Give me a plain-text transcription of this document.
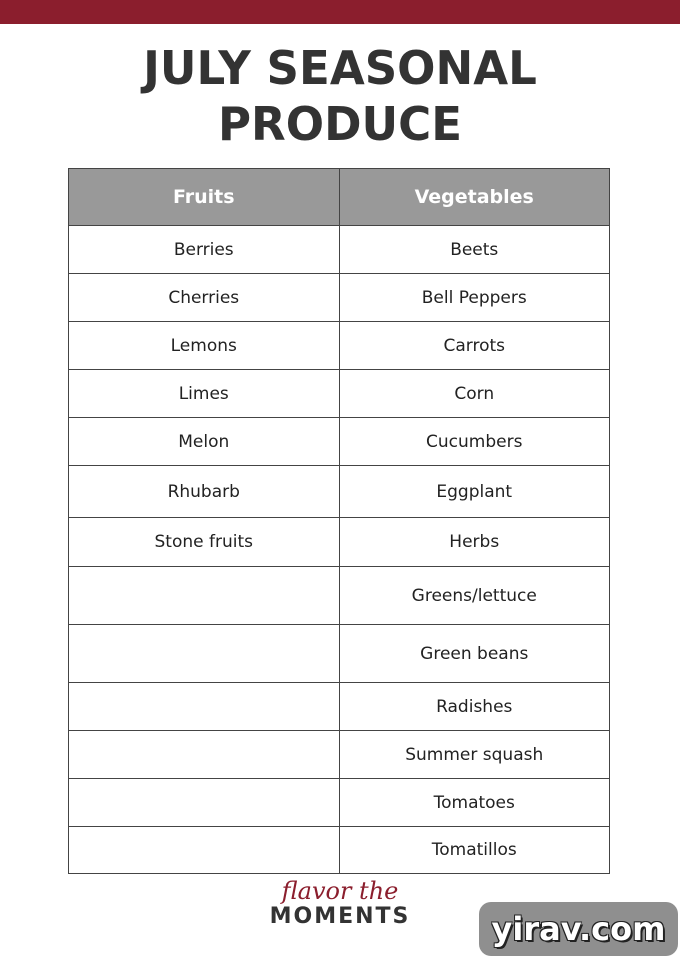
JULY SEASONAL
PRODUCE
Fruits	Vegetables
Berries	Beets
Cherries	Bell Peppers
Lemons	Carrots
Limes	Corn
Melon	Cucumbers
Rhubarb	Eggplant
Stone fruits	Herbs
	Greens/lettuce
	Green beans
	Radishes
	Summer squash
	Tomatoes
	Tomatillos
flavor the
MOMENTS	yirav.com
